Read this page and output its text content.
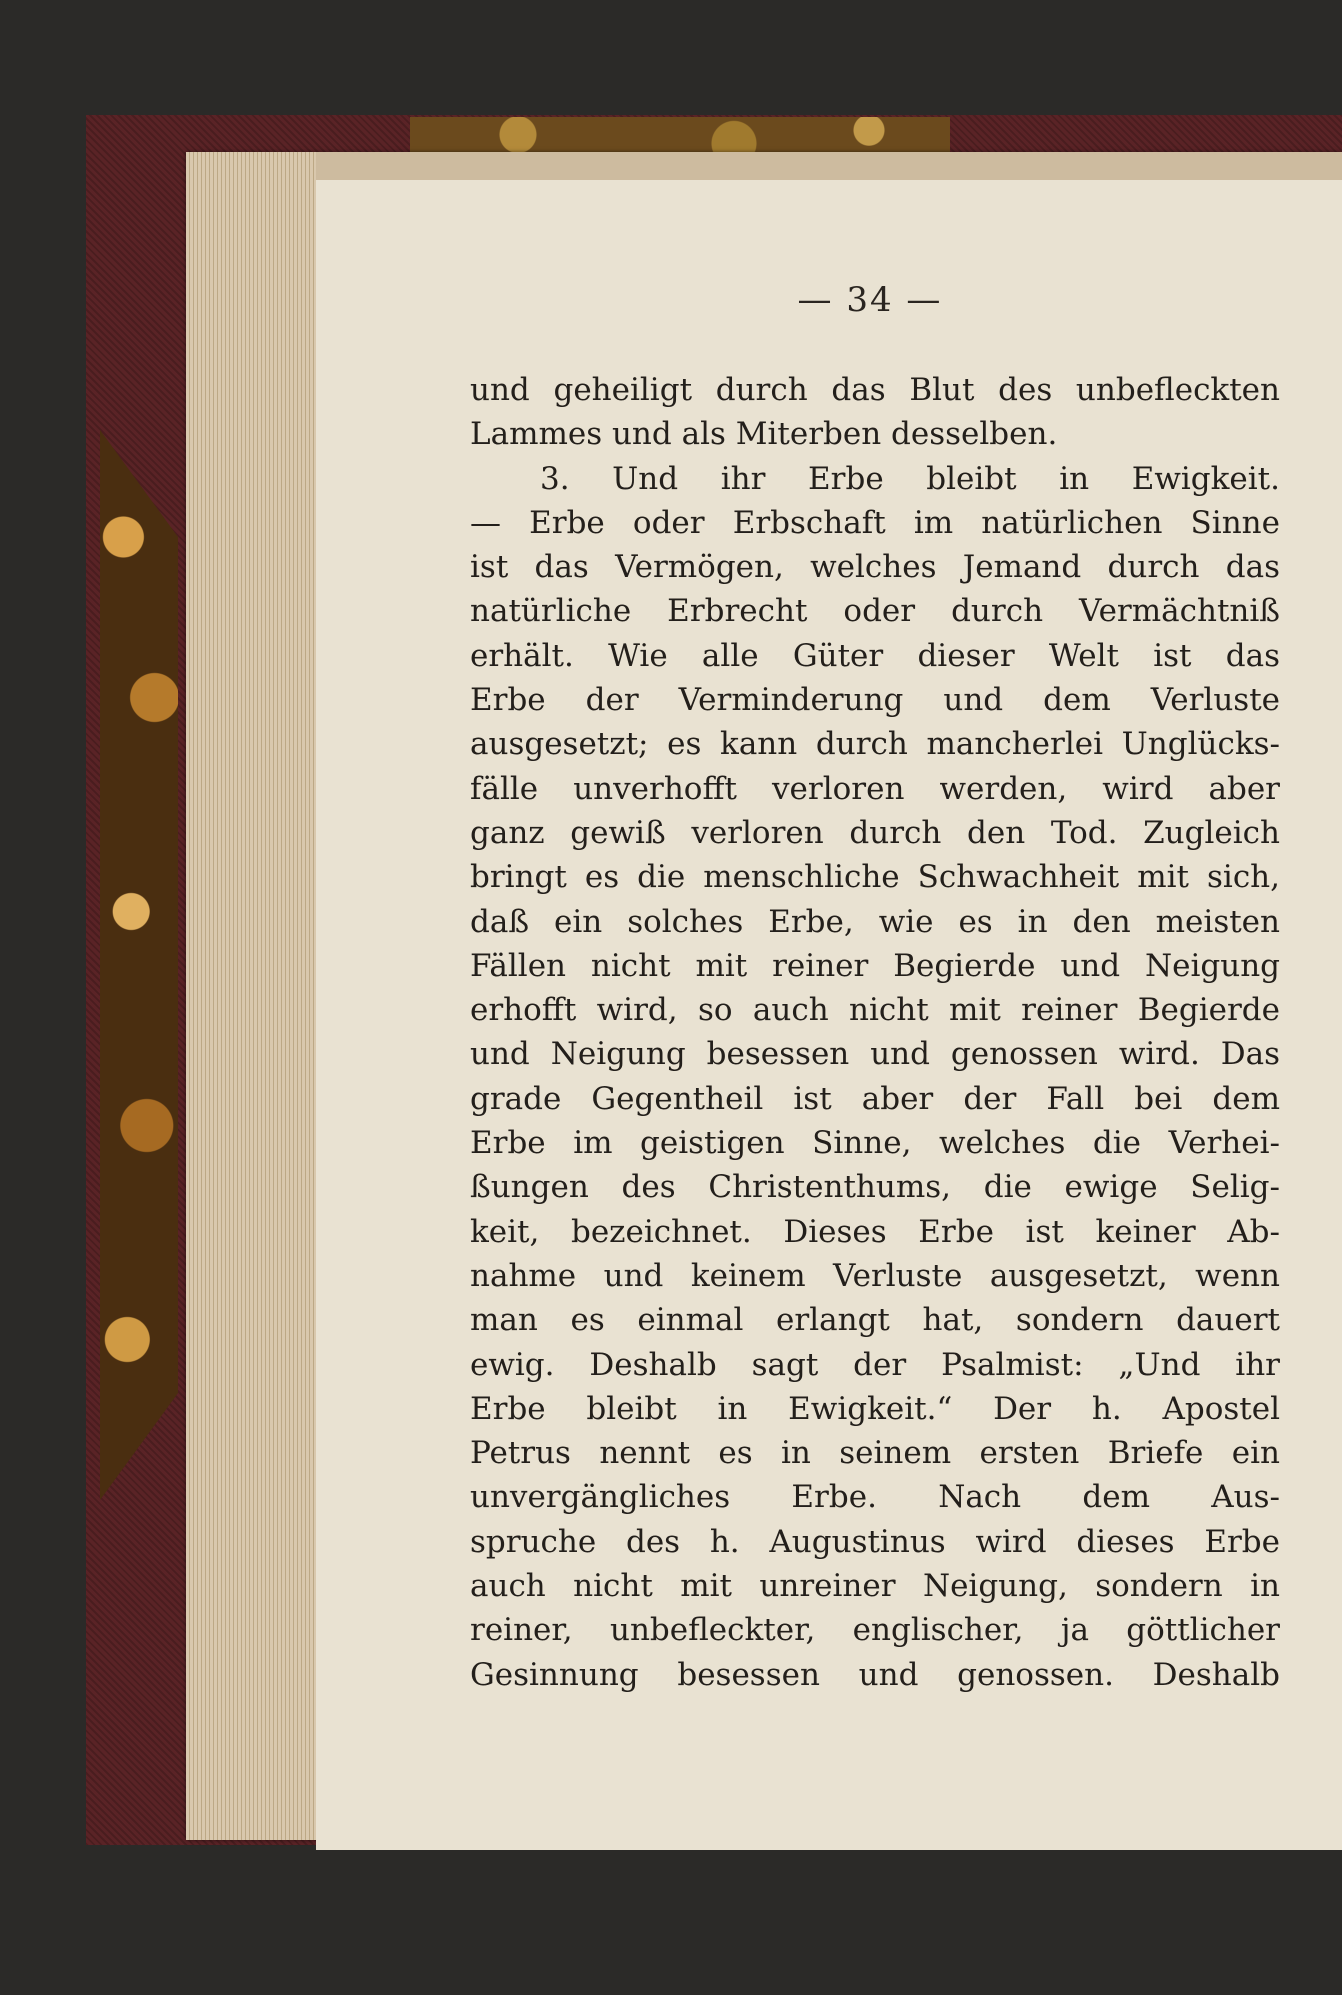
— 34 —
und geheiligt durch das Blut des unbefleckten
Lammes und als Miterben desselben.
3. Und ihr Erbe bleibt in Ewigkeit.
— Erbe oder Erbschaft im natürlichen Sinne
ist das Vermögen, welches Jemand durch das
natürliche Erbrecht oder durch Vermächtniß
erhält. Wie alle Güter dieser Welt ist das
Erbe der Verminderung und dem Verluste
ausgesetzt; es kann durch mancherlei Unglücks-
fälle unverhofft verloren werden, wird aber
ganz gewiß verloren durch den Tod. Zugleich
bringt es die menschliche Schwachheit mit sich,
daß ein solches Erbe, wie es in den meisten
Fällen nicht mit reiner Begierde und Neigung
erhofft wird, so auch nicht mit reiner Begierde
und Neigung besessen und genossen wird. Das
grade Gegentheil ist aber der Fall bei dem
Erbe im geistigen Sinne, welches die Verhei-
ßungen des Christenthums, die ewige Selig-
keit, bezeichnet. Dieses Erbe ist keiner Ab-
nahme und keinem Verluste ausgesetzt, wenn
man es einmal erlangt hat, sondern dauert
ewig. Deshalb sagt der Psalmist: „Und ihr
Erbe bleibt in Ewigkeit.“ Der h. Apostel
Petrus nennt es in seinem ersten Briefe ein
unvergängliches Erbe. Nach dem Aus-
spruche des h. Augustinus wird dieses Erbe
auch nicht mit unreiner Neigung, sondern in
reiner, unbefleckter, englischer, ja göttlicher
Gesinnung besessen und genossen. Deshalb
